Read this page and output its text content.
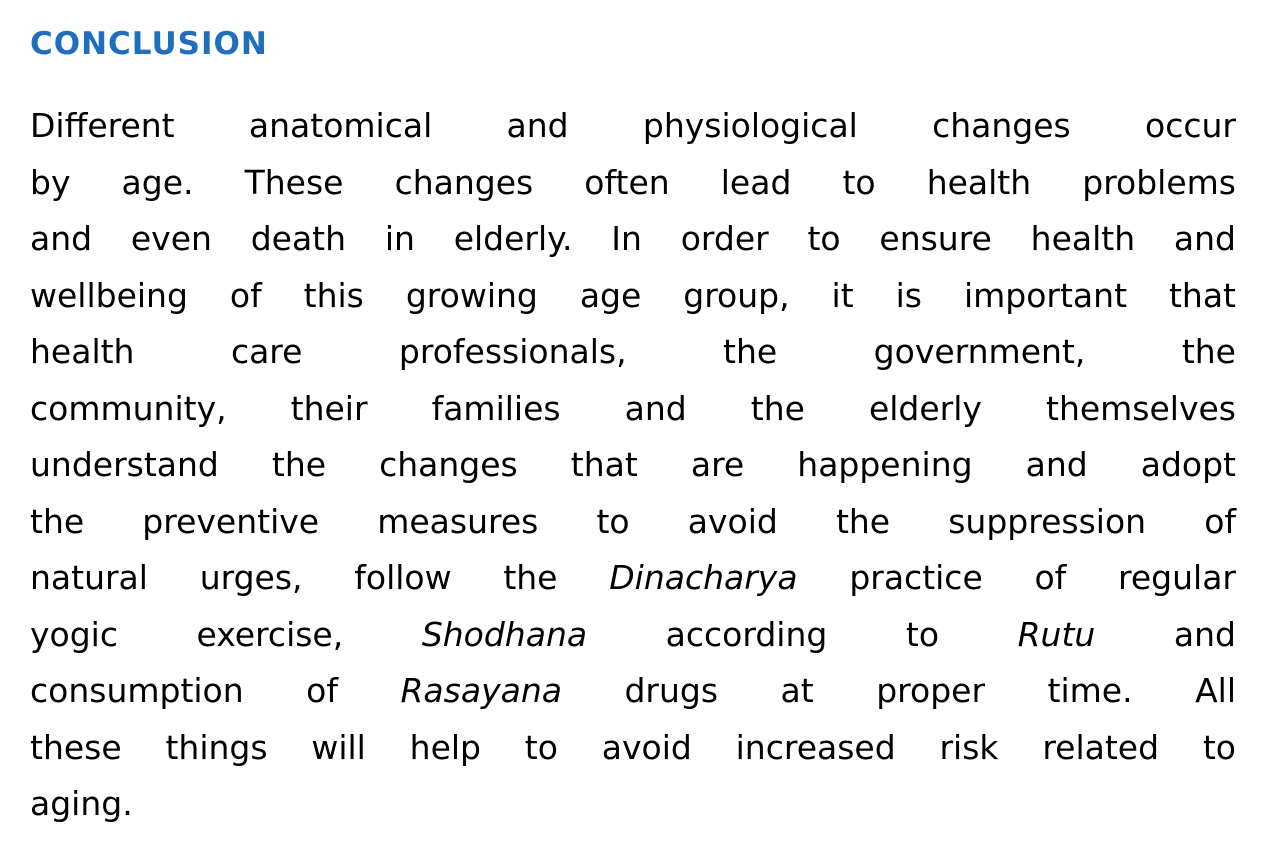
conclusion

Different anatomical and physiological changes occur
by age. These changes often lead to health problems
and even death in elderly. In order to ensure health and
wellbeing of this growing age group, it is important that
health care professionals, the government, the
community, their families and the elderly themselves
understand the changes that are happening and adopt
the preventive measures to avoid the suppression of
natural urges, follow the Dinacharya practice of regular
yogic exercise, Shodhana according to Rutu and
consumption of Rasayana drugs at proper time. All
these things will help to avoid increased risk related to
aging.
